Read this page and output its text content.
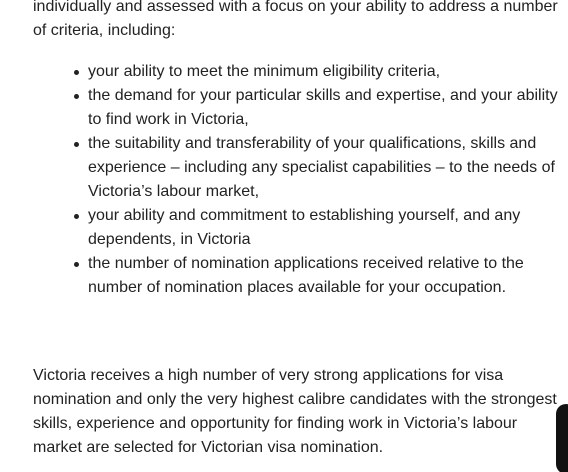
individually and assessed with a focus on your ability to address a number of criteria, including:

your ability to meet the minimum eligibility criteria,
the demand for your particular skills and expertise, and your ability to find work in Victoria,
the suitability and transferability of your qualifications, skills and experience – including any specialist capabilities – to the needs of Victoria’s labour market,
your ability and commitment to establishing yourself, and any dependents, in Victoria
the number of nomination applications received relative to the number of nomination places available for your occupation.

Victoria receives a high number of very strong applications for visa nomination and only the very highest calibre candidates with the strongest skills, experience and opportunity for finding work in Victoria’s labour market are selected for Victorian visa nomination.
